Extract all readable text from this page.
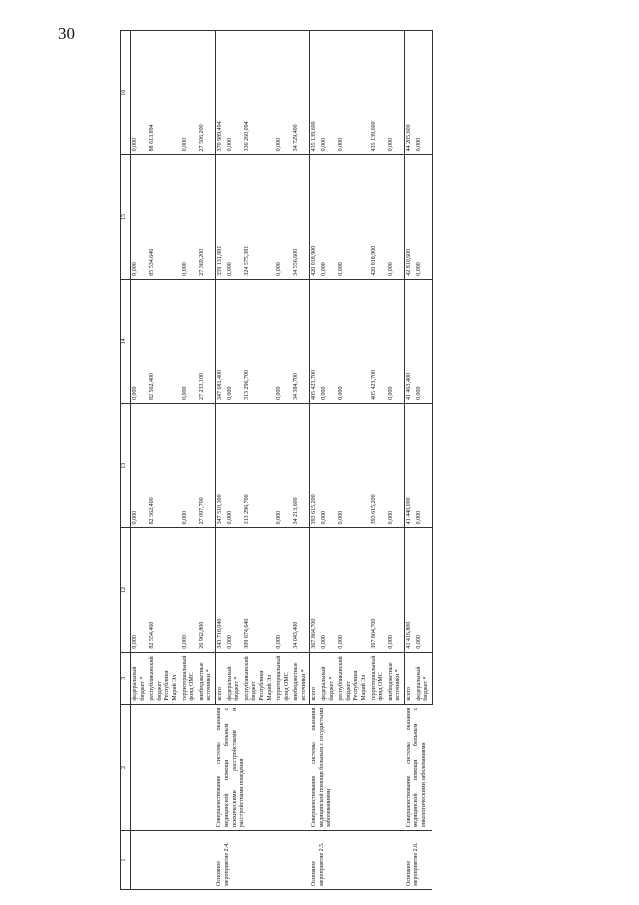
30
1	2	3	12	13	14	15	16
		федеральный бюджет *	0,000	0,000	0,000	0,000	0,000
		республиканский бюджет Республики Марий Эл	82 554,460	82 562,400	82 562,400	85 534,646	88 613,894
		территориальный фонд ОМС	0,000	0,000	0,000	0,000	0,000
		внебюджетные источники *	26 962,800	27 097,700	27 233,100	27 369,200	27 506,200
Основное мероприятие 2.4.	Совершенствование системы оказания медицинской помощи больным с психическими расстройствами и расстройствами поведения	всего	343 718,040	347 510,300	347 681,400	359 131,981	370 989,494
		федеральный бюджет *	0,000	0,000	0,000	0,000	0,000
		республиканский бюджет Республики Марий Эл	309 674,640	313 296,700	313 296,700	324 575,381	336 260,094
		территориальный фонд ОМС	0,000	0,000	0,000	0,000	0,000
		внебюджетные источники *	34 043,400	34 213,600	34 384,700	34 556,600	34 729,400
Основное мероприятие 2.5.	Совершенствование системы оказания медицинской помощи больным с сосудистыми заболеваниями	всего	367 864,700	393 615,200	405 423,700	420 018,900	435 139,600
		федеральный бюджет *	0,000	0,000	0,000	0,000	0,000
		республиканский бюджет Республики Марий Эл	0,000	0,000	0,000	0,000	0,000
		территориальный фонд ОМС	367 864,700	393 615,200	405 423,700	420 018,900	435 139,600
		внебюджетные источники *	0,000	0,000	0,000	0,000	0,000
Основное мероприятие 2.6.	Совершенствование системы оказания медицинской помощи больным с онкологическими заболеваниями	всего	41 416,800	41 440,000	41 463,400	42 810,600	44 205,600
		федеральный бюджет *	0,000	0,000	0,000	0,000	0,000
